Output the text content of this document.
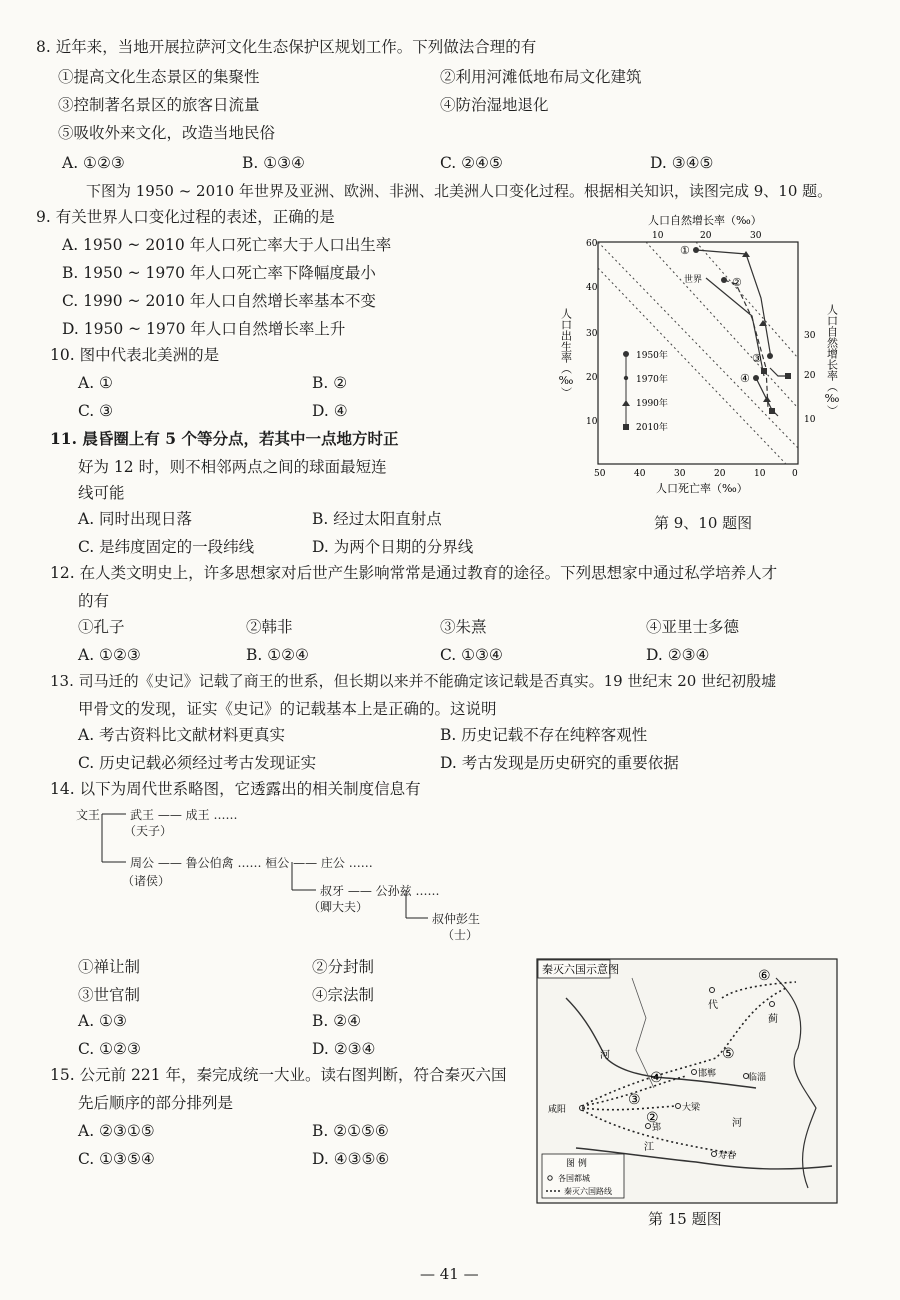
8. 近年来，当地开展拉萨河文化生态保护区规划工作。下列做法合理的有
①提高文化生态景区的集聚性	②利用河滩低地布局文化建筑
③控制著名景区的旅客日流量	④防治湿地退化
⑤吸收外来文化，改造当地民俗
A. ①②③	B. ①③④	C. ②④⑤	D. ③④⑤
下图为 1950 ~ 2010 年世界及亚洲、欧洲、非洲、北美洲人口变化过程。根据相关知识，读图完成 9、10 题。
9. 有关世界人口变化过程的表述，正确的是
A. 1950 ~ 2010 年人口死亡率大于人口出生率
B. 1950 ~ 1970 年人口死亡率下降幅度最小
C. 1990 ~ 2010 年人口自然增长率基本不变
D. 1950 ~ 1970 年人口自然增长率上升
10. 图中代表北美洲的是
A. ①	B. ②
C. ③	D. ④
11. 晨昏圈上有 5 个等分点，若其中一点地方时正
好为 12 时，则不相邻两点之间的球面最短连
线可能
A. 同时出现日落	B. 经过太阳直射点
C. 是纬度固定的一段纬线	D. 为两个日期的分界线
10	20	30
人口自然增长率（‰）
60
40
30
20
10
30
20
10
50	40	30	20	10	0
人口死亡率（‰）
人口出生率（‰）	人口自然增长率（‰）
①
世界	②
③
④
1950年
1970年
1990年
2010年
第 9、10 题图
12. 在人类文明史上，许多思想家对后世产生影响常常是通过教育的途径。下列思想家中通过私学培养人才
的有
①孔子	②韩非	③朱熹	④亚里士多德
A. ①②③	B. ①②④	C. ①③④	D. ②③④
13. 司马迁的《史记》记载了商王的世系，但长期以来并不能确定该记载是否真实。19 世纪末 20 世纪初殷墟
甲骨文的发现，证实《史记》的记载基本上是正确的。这说明
A. 考古资料比文献材料更真实	B. 历史记载不存在纯粹客观性
C. 历史记载必须经过考古发现证实	D. 考古发现是历史研究的重要依据
14. 以下为周代世系略图，它透露出的相关制度信息有
文王 武王 —— 成王 ……
（天子）
周公 —— 鲁公伯禽 …… 桓公 —— 庄公 ……
（诸侯）
叔牙 —— 公孙兹 ……
（卿大夫）
叔仲彭生
（士）
①禅让制	②分封制
③世官制	④宗法制
A. ①③	B. ②④
C. ①②③	D. ②③④
15. 公元前 221 年，秦完成统一大业。读右图判断，符合秦灭六国
先后顺序的部分排列是
A. ②③①⑤	B. ②①⑤⑥
C. ①③⑤④	D. ④③⑤⑥
秦灭六国示意图
代
蓟
邯郸	临淄
咸阳	大梁
郢
寿春
河
河
江
⑥
⑤
④
③
②
图 例
各国都城
秦灭六国路线
第 15 题图
— 41 —
